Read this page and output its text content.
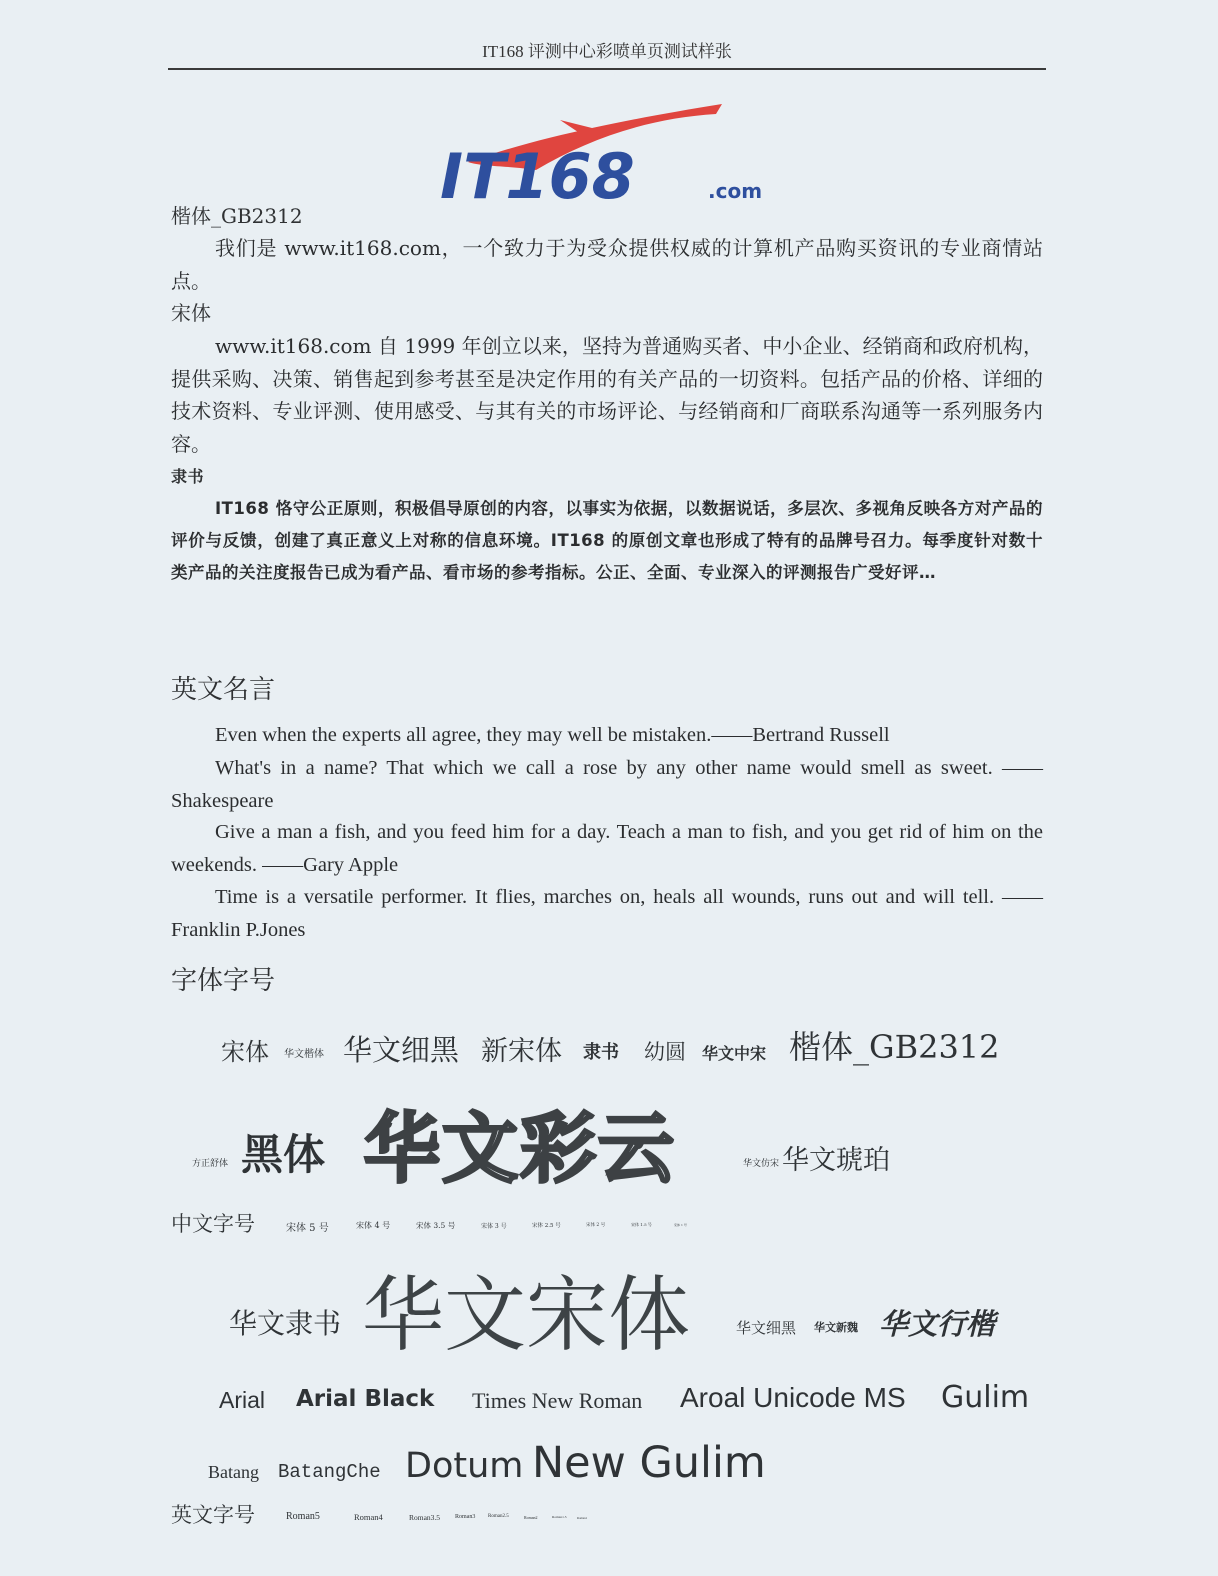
IT168 评测中心彩喷单页测试样张
IT168	.com
楷体_GB2312
我们是 www.it168.com，一个致力于为受众提供权威的计算机产品购买资讯的专业商情站点。
宋体
www.it168.com 自 1999 年创立以来，坚持为普通购买者、中小企业、经销商和政府机构，提供采购、决策、销售起到参考甚至是决定作用的有关产品的一切资料。包括产品的价格、详细的技术资料、专业评测、使用感受、与其有关的市场评论、与经销商和厂商联系沟通等一系列服务内容。
隶书
IT168 恪守公正原则，积极倡导原创的内容，以事实为依据，以数据说话，多层次、多视角反映各方对产品的评价与反馈，创建了真正意义上对称的信息环境。IT168 的原创文章也形成了特有的品牌号召力。每季度针对数十类产品的关注度报告已成为看产品、看市场的参考指标。公正、全面、专业深入的评测报告广受好评…
英文名言
Even when the experts all agree, they may well be mistaken.——Bertrand Russell
What's in a name? That which we call a rose by any other name would smell as sweet. ——Shakespeare
Give a man a fish, and you feed him for a day. Teach a man to fish, and you get rid of him on the weekends. ——Gary Apple
Time is a versatile performer. It flies, marches on, heals all wounds, runs out and will tell. ——Franklin P.Jones
字体字号
宋体 华文楷体 华文细黑 新宋体 隶书 幼圆 华文中宋 楷体_GB2312
方正舒体 黑体 华文彩云	华文仿宋 华文琥珀
中文字号	宋体 5 号	宋体 4 号	宋体 3.5 号	宋体 3 号	宋体 2.5 号	宋体 2 号	宋体 1.5 号	宋体 1 号
华文隶书 华文宋体	华文细黑 华文新魏 华文行楷
Arial Arial Black Times New Roman Aroal Unicode MS Gulim
Batang BatangChe Dotum New Gulim
英文字号	Roman5	Roman4	Roman3.5 Roman3	Roman2.5	Roman2	Roman1.5	Roman1
